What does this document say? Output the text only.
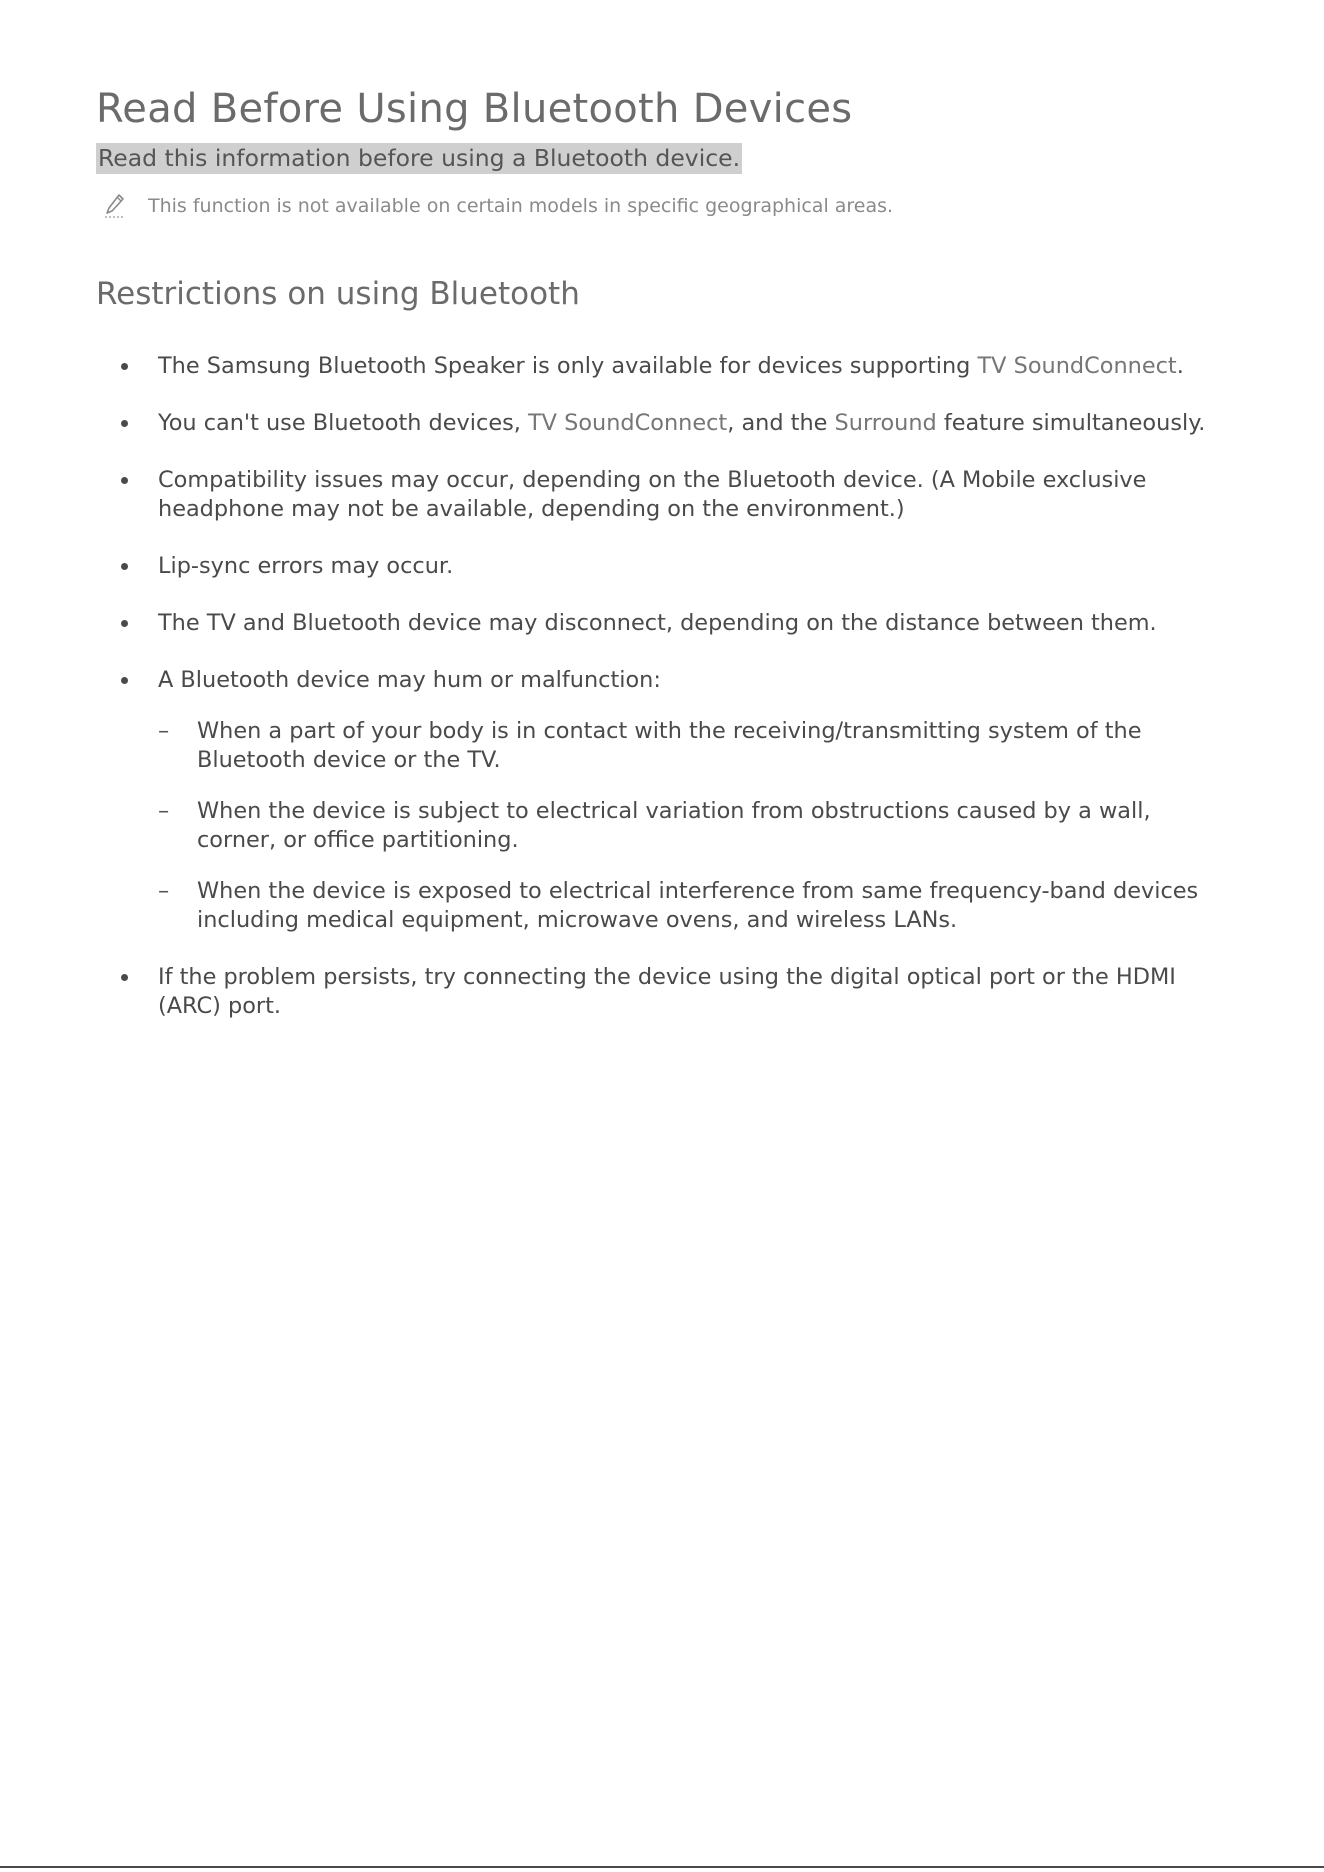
Read Before Using Bluetooth Devices
Read this information before using a Bluetooth device.
This function is not available on certain models in specific geographical areas.
Restrictions on using Bluetooth
The Samsung Bluetooth Speaker is only available for devices supporting TV SoundConnect.
You can't use Bluetooth devices, TV SoundConnect, and the Surround feature simultaneously.
Compatibility issues may occur, depending on the Bluetooth device. (A Mobile exclusive headphone may not be available, depending on the environment.)
Lip-sync errors may occur.
The TV and Bluetooth device may disconnect, depending on the distance between them.
A Bluetooth device may hum or malfunction:
– When a part of your body is in contact with the receiving/transmitting system of the Bluetooth device or the TV.
– When the device is subject to electrical variation from obstructions caused by a wall, corner, or office partitioning.
– When the device is exposed to electrical interference from same frequency-band devices including medical equipment, microwave ovens, and wireless LANs.
If the problem persists, try connecting the device using the digital optical port or the HDMI (ARC) port.
